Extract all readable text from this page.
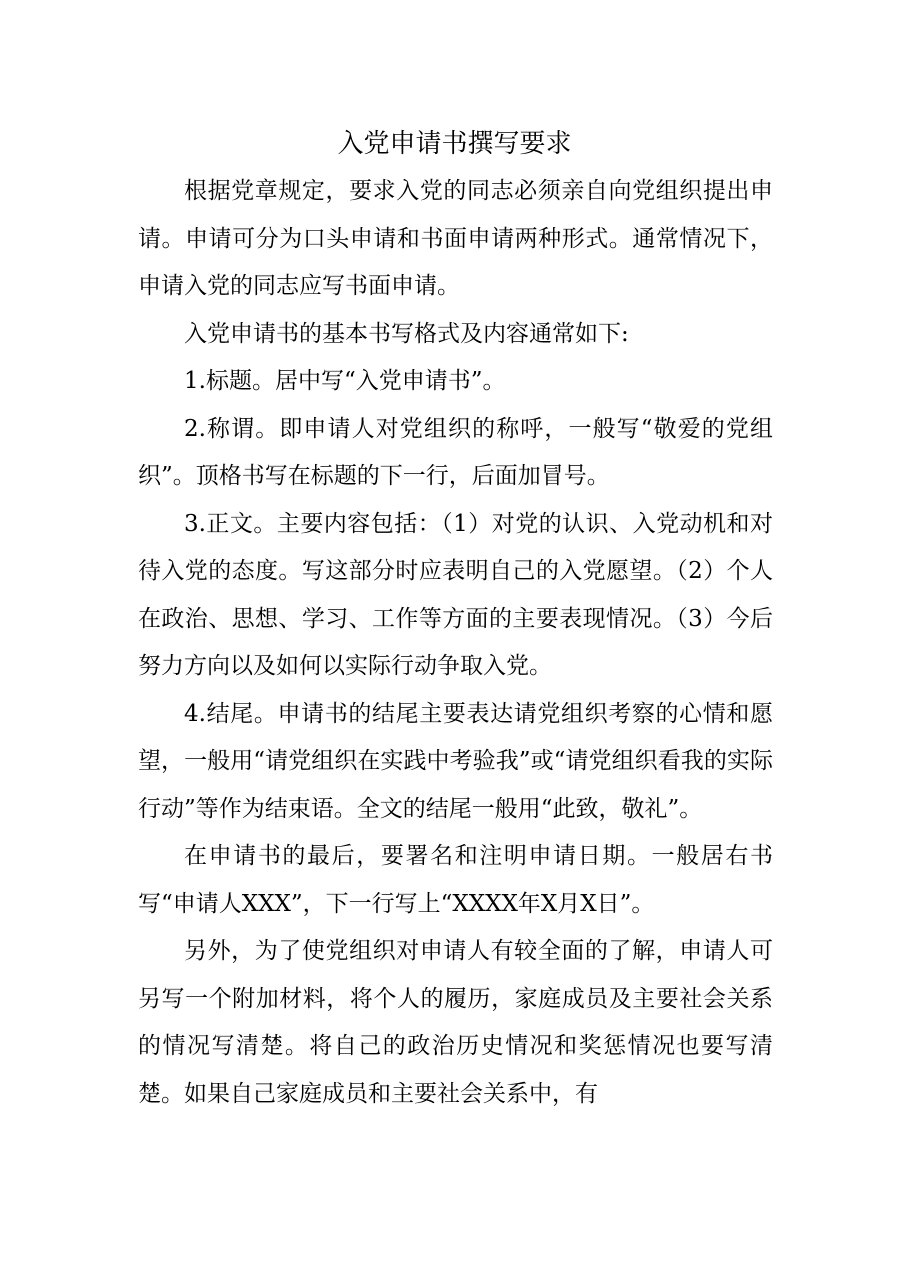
入党申请书撰写要求

根据党章规定，要求入党的同志必须亲自向党组织提出申请。申请可分为口头申请和书面申请两种形式。通常情况下，申请入党的同志应写书面申请。

入党申请书的基本书写格式及内容通常如下:

1.标题。居中写“入党申请书”。

2.称谓。即申请人对党组织的称呼，一般写“敬爱的党组织”。顶格书写在标题的下一行，后面加冒号。

3.正文。主要内容包括：（1）对党的认识、入党动机和对待入党的态度。写这部分时应表明自己的入党愿望。（2）个人在政治、思想、学习、工作等方面的主要表现情况。（3）今后努力方向以及如何以实际行动争取入党。

4.结尾。申请书的结尾主要表达请党组织考察的心情和愿望，一般用“请党组织在实践中考验我”或“请党组织看我的实际行动”等作为结束语。全文的结尾一般用“此致，敬礼”。

在申请书的最后，要署名和注明申请日期。一般居右书写“申请人XXX”，下一行写上“XXXX年X月X日”。

另外，为了使党组织对申请人有较全面的了解，申请人可另写一个附加材料，将个人的履历，家庭成员及主要社会关系的情况写清楚。将自己的政治历史情况和奖惩情况也要写清楚。如果自己家庭成员和主要社会关系中，有
